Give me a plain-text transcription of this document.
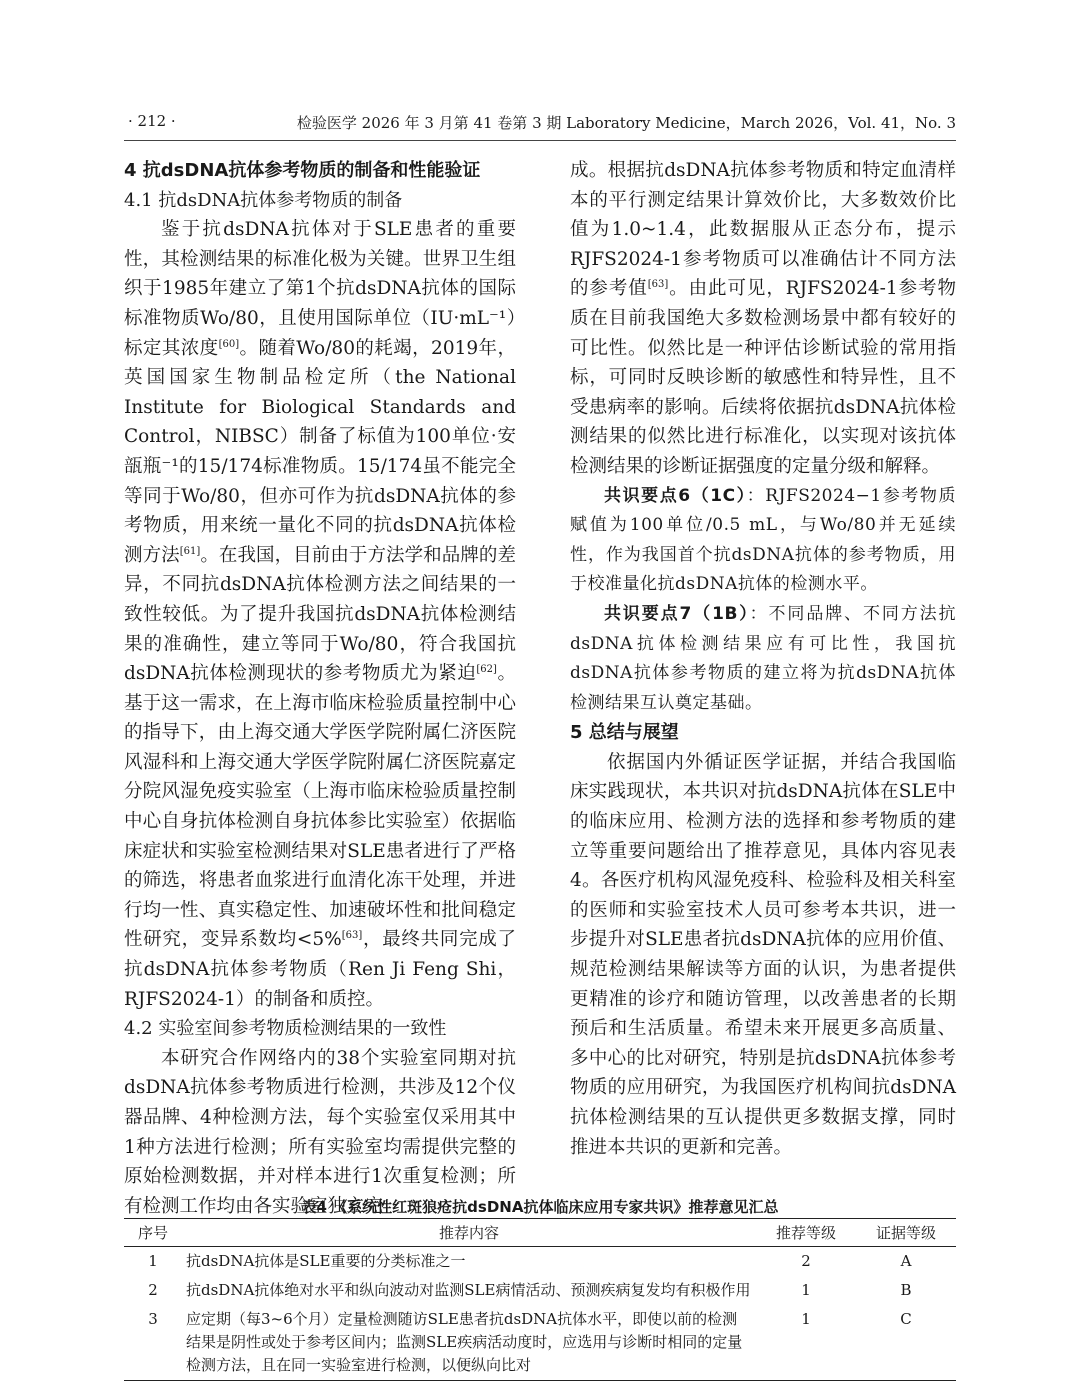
· 212 ·	检验医学 2026 年 3 月第 41 卷第 3 期 Laboratory Medicine，March 2026，Vol. 41，No. 3

4 抗dsDNA抗体参考物质的制备和性能验证

4.1 抗dsDNA抗体参考物质的制备

鉴于抗dsDNA抗体对于SLE患者的重要性，其检测结果的标准化极为关键。世界卫生组织于1985年建立了第1个抗dsDNA抗体的国际标准物质Wo/80，且使用国际单位（IU·mL⁻¹）标定其浓度[60]。随着Wo/80的耗竭，2019年，英国国家生物制品检定所（the National Institute for Biological Standards and Control，NIBSC）制备了标值为100单位·安瓿瓶⁻¹的15/174标准物质。15/174虽不能完全等同于Wo/80，但亦可作为抗dsDNA抗体的参考物质，用来统一量化不同的抗dsDNA抗体检测方法[61]。在我国，目前由于方法学和品牌的差异，不同抗dsDNA抗体检测方法之间结果的一致性较低。为了提升我国抗dsDNA抗体检测结果的准确性，建立等同于Wo/80，符合我国抗dsDNA抗体检测现状的参考物质尤为紧迫[62]。基于这一需求，在上海市临床检验质量控制中心的指导下，由上海交通大学医学院附属仁济医院风湿科和上海交通大学医学院附属仁济医院嘉定分院风湿免疫实验室（上海市临床检验质量控制中心自身抗体检测自身抗体参比实验室）依据临床症状和实验室检测结果对SLE患者进行了严格的筛选，将患者血浆进行血清化冻干处理，并进行均一性、真实稳定性、加速破坏性和批间稳定性研究，变异系数均<5%[63]，最终共同完成了抗dsDNA抗体参考物质（Ren Ji Feng Shi，RJFS2024-1）的制备和质控。

4.2 实验室间参考物质检测结果的一致性

本研究合作网络内的38个实验室同期对抗dsDNA抗体参考物质进行检测，共涉及12个仪器品牌、4种检测方法，每个实验室仅采用其中1种方法进行检测；所有实验室均需提供完整的原始检测数据，并对样本进行1次重复检测；所有检测工作均由各实验室独立完

成。根据抗dsDNA抗体参考物质和特定血清样本的平行测定结果计算效价比，大多数效价比值为1.0~1.4，此数据服从正态分布，提示RJFS2024-1参考物质可以准确估计不同方法的参考值[63]。由此可见，RJFS2024-1参考物质在目前我国绝大多数检测场景中都有较好的可比性。似然比是一种评估诊断试验的常用指标，可同时反映诊断的敏感性和特异性，且不受患病率的影响。后续将依据抗dsDNA抗体检测结果的似然比进行标准化，以实现对该抗体检测结果的诊断证据强度的定量分级和解释。

共识要点6（1C）：RJFS2024−1参考物质赋值为100单位/0.5 mL，与Wo/80并无延续性，作为我国首个抗dsDNA抗体的参考物质，用于校准量化抗dsDNA抗体的检测水平。

共识要点7（1B）：不同品牌、不同方法抗dsDNA抗体检测结果应有可比性，我国抗dsDNA抗体参考物质的建立将为抗dsDNA抗体检测结果互认奠定基础。

5 总结与展望

依据国内外循证医学证据，并结合我国临床实践现状，本共识对抗dsDNA抗体在SLE中的临床应用、检测方法的选择和参考物质的建立等重要问题给出了推荐意见，具体内容见表4。各医疗机构风湿免疫科、检验科及相关科室的医师和实验室技术人员可参考本共识，进一步提升对SLE患者抗dsDNA抗体的应用价值、规范检测结果解读等方面的认识，为患者提供更精准的诊疗和随访管理，以改善患者的长期预后和生活质量。希望未来开展更多高质量、多中心的比对研究，特别是抗dsDNA抗体参考物质的应用研究，为我国医疗机构间抗dsDNA抗体检测结果的互认提供更多数据支撑，同时推进本共识的更新和完善。

表4 《系统性红斑狼疮抗dsDNA抗体临床应用专家共识》推荐意见汇总
序号	推荐内容	推荐等级	证据等级
1	抗dsDNA抗体是SLE重要的分类标准之一	2	A
2	抗dsDNA抗体绝对水平和纵向波动对监测SLE病情活动、预测疾病复发均有积极作用	1	B
3	应定期（每3~6个月）定量检测随访SLE患者抗dsDNA抗体水平，即使以前的检测结果是阴性或处于参考区间内；监测SLE疾病活动度时，应选用与诊断时相同的定量检测方法，且在同一实验室进行检测，以便纵向比对	1	C
